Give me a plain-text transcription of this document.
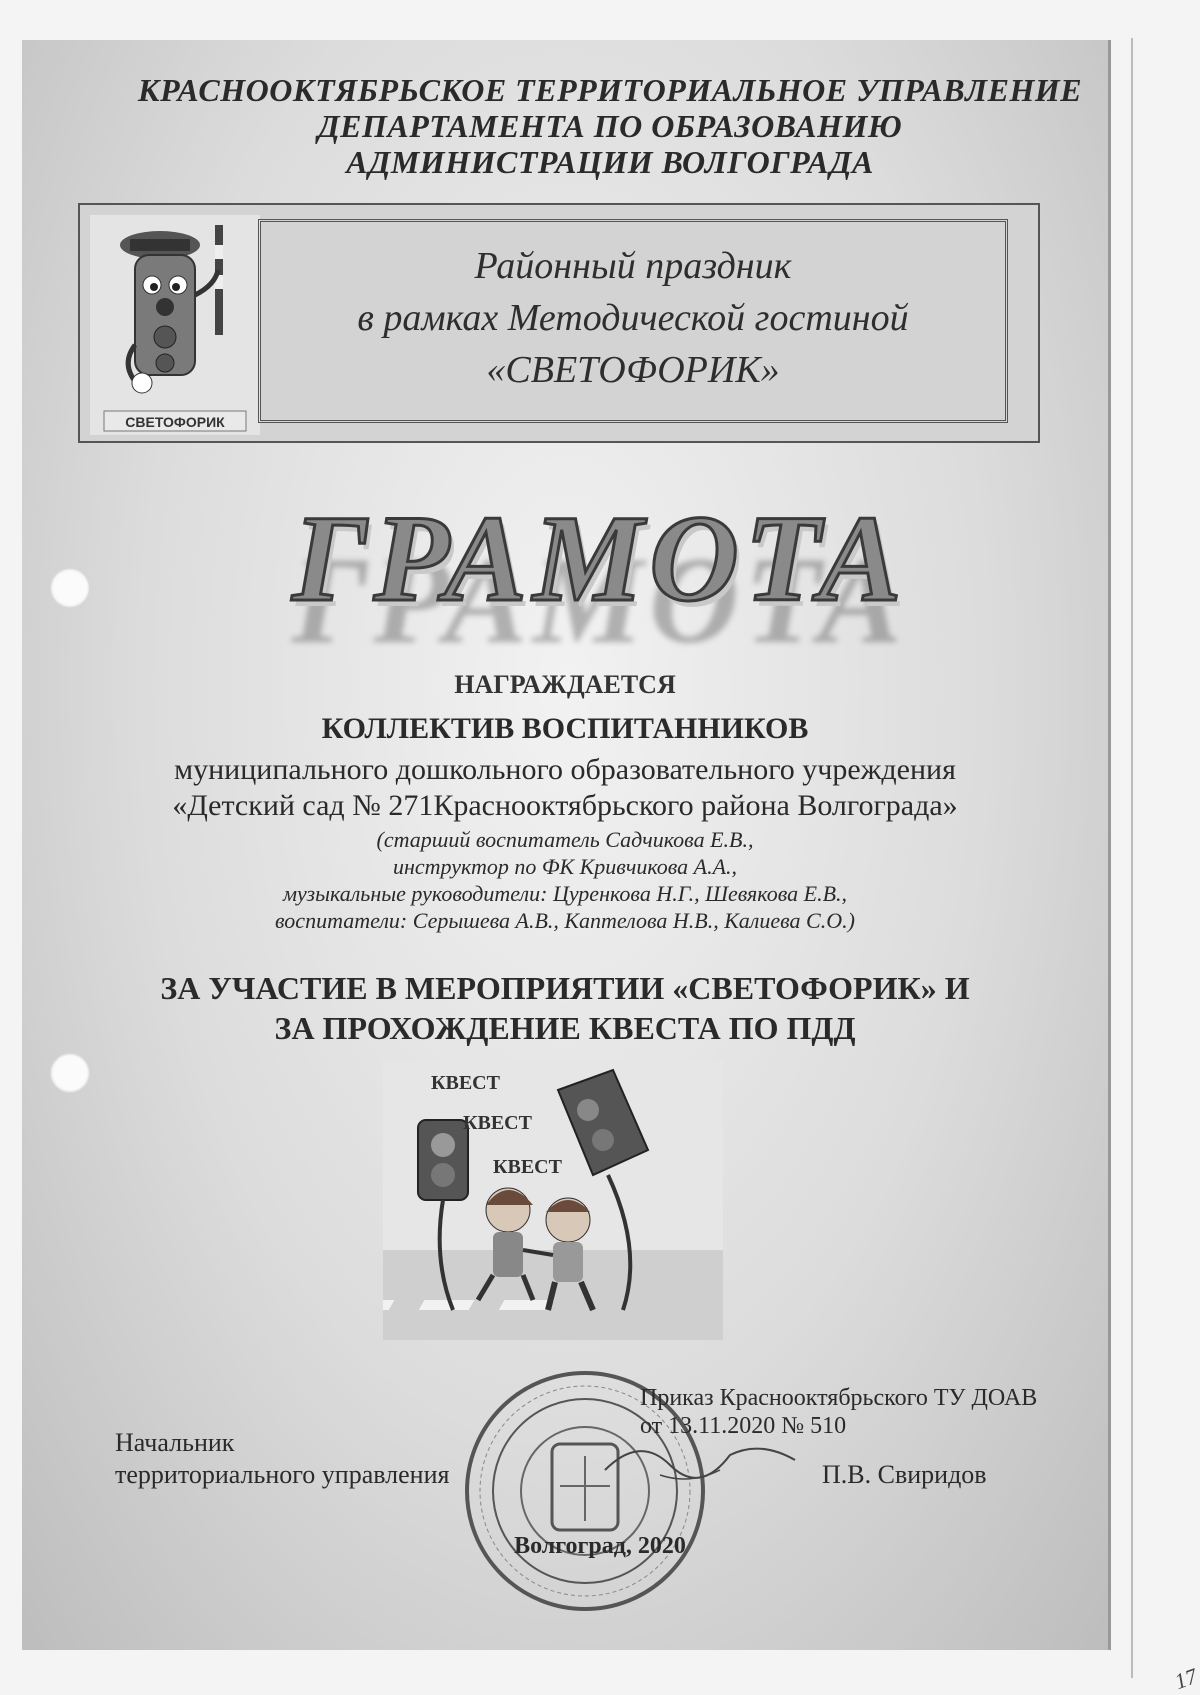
17
КРАСНООКТЯБРЬСКОЕ ТЕРРИТОРИАЛЬНОЕ УПРАВЛЕНИЕ
ДЕПАРТАМЕНТА ПО ОБРАЗОВАНИЮ
АДМИНИСТРАЦИИ ВОЛГОГРАДА
СВЕТОФОРИК
Районный праздник
в рамках Методической гостиной
«СВЕТОФОРИК»
ГРАМОТА
НАГРАЖДАЕТСЯ
КОЛЛЕКТИВ ВОСПИТАННИКОВ
муниципального дошкольного образовательного учреждения
«Детский сад № 271Краснооктябрьского района Волгограда»
(старший воспитатель Садчикова Е.В.,
инструктор по ФК Кривчикова А.А.,
музыкальные руководители: Цуренкова Н.Г., Шевякова Е.В.,
воспитатели: Серышева А.В., Каптелова Н.В., Калиева С.О.)
ЗА УЧАСТИЕ В МЕРОПРИЯТИИ «СВЕТОФОРИК» И
ЗА ПРОХОЖДЕНИЕ КВЕСТА ПО ПДД
КВЕСТ
КВЕСТ
КВЕСТ
Приказ Краснооктябрьского ТУ ДОАВ
от 13.11.2020 № 510
Начальник
территориального управления	П.В. Свиридов
Волгоград, 2020
